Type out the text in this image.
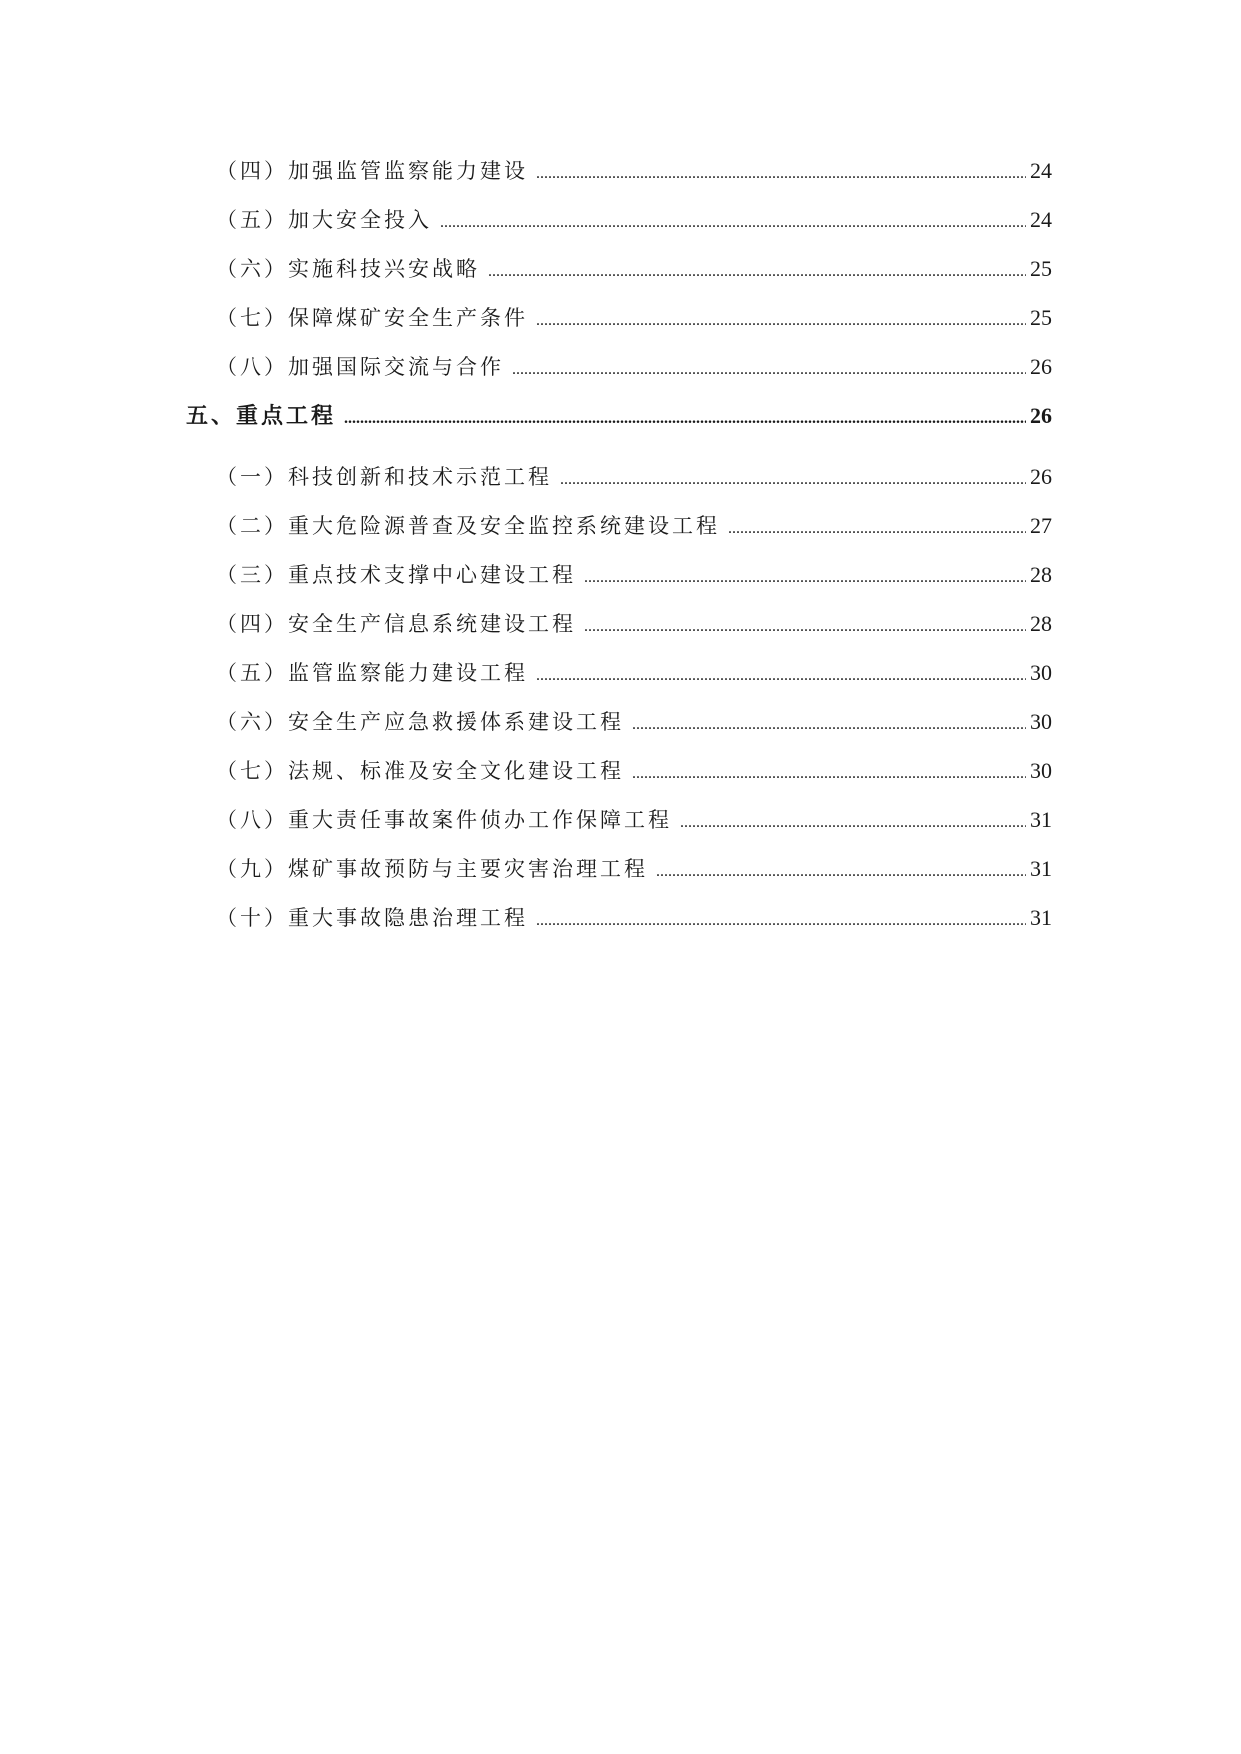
（四）加强监管监察能力建设 .....	24
（五）加大安全投入 .....	24
（六）实施科技兴安战略 .....	25
（七）保障煤矿安全生产条件 .....	25
（八）加强国际交流与合作 .....	26
五、重点工程 .....	26
（一）科技创新和技术示范工程 .....	26
（二）重大危险源普查及安全监控系统建设工程 .....	27
（三）重点技术支撑中心建设工程 .....	28
（四）安全生产信息系统建设工程 .....	28
（五）监管监察能力建设工程 .....	30
（六）安全生产应急救援体系建设工程 .....	30
（七）法规、标准及安全文化建设工程 .....	30
（八）重大责任事故案件侦办工作保障工程 .....	31
（九）煤矿事故预防与主要灾害治理工程 .....	31
（十）重大事故隐患治理工程 .....	31
